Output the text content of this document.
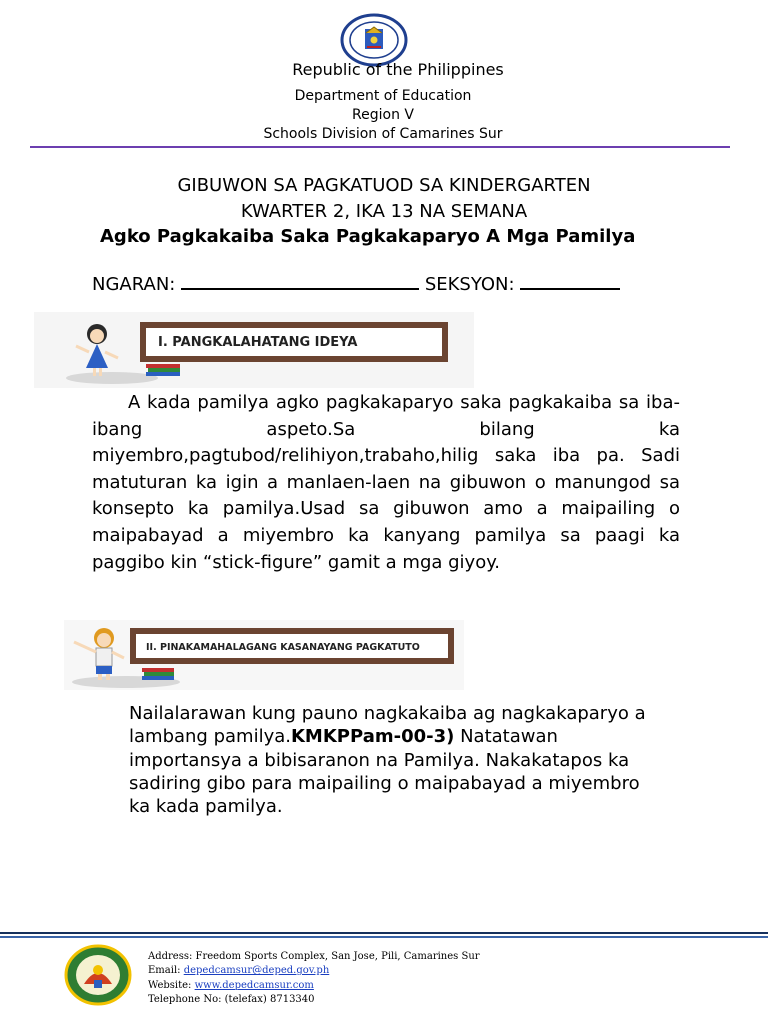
Republic of the Philippines
Department of Education
Region V
Schools Division of Camarines Sur
GIBUWON SA PAGKATUOD SA KINDERGARTEN
KWARTER 2, IKA 13 NA SEMANA
Agko Pagkakaiba Saka Pagkakaparyo A Mga Pamilya
NGARAN:	SEKSYON:
I. PANGKALAHATANG IDEYA

A kada pamilya agko pagkakaparyo saka pagkakaiba sa iba-ibang aspeto.Sa bilang ka miyembro,pagtubod/relihiyon,trabaho,hilig saka iba pa. Sadi matuturan ka igin a manlaen-laen na gibuwon o manungod sa konsepto ka pamilya.Usad sa gibuwon amo a maipailing o maipabayad a miyembro ka kanyang pamilya sa paagi ka paggibo kin “stick-figure” gamit a mga giyoy.

II. PINAKAMAHALAGANG KASANAYANG PAGKATUTO
Nailalarawan kung pauno nagkakaiba ag nagkakaparyo a lambang pamilya.KMKPPam-00-3) Natatawan importansya a bibisaranon na Pamilya. Nakakatapos ka sadiring gibo para maipailing o maipabayad a miyembro ka kada pamilya.
Address: Freedom Sports Complex, San Jose, Pili, Camarines Sur
Email: depedcamsur@deped.gov.ph
Website: www.depedcamsur.com
Telephone No: (telefax) 8713340
